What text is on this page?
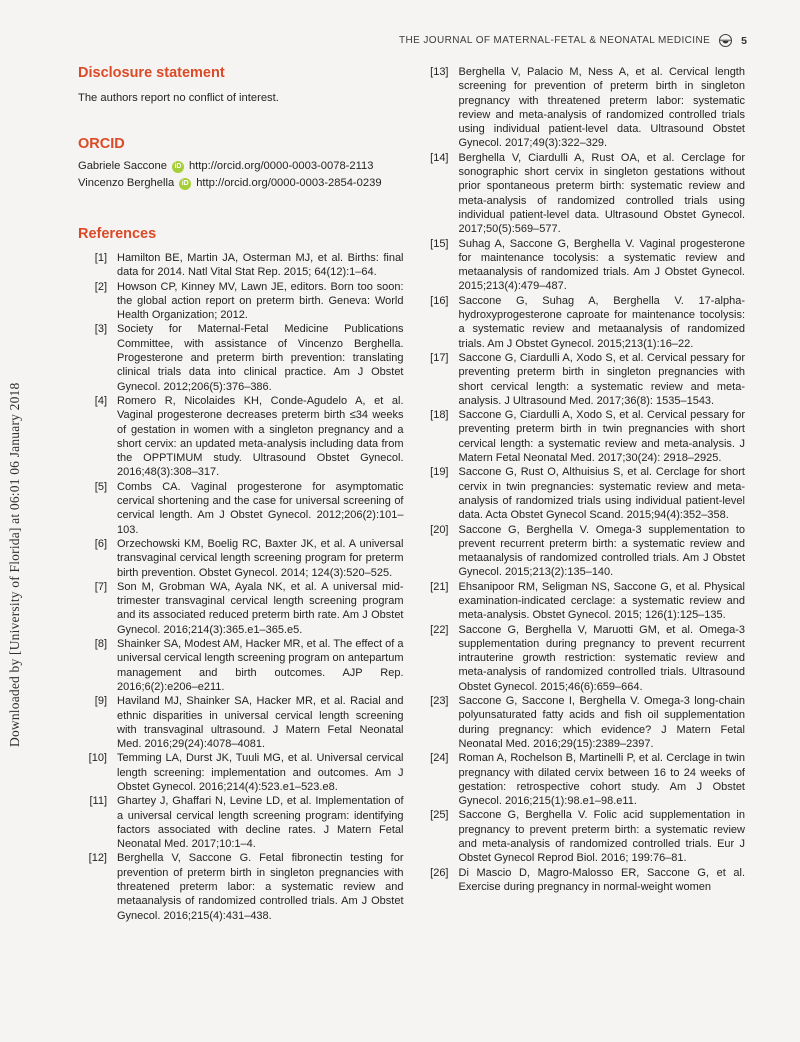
THE JOURNAL OF MATERNAL-FETAL & NEONATAL MEDICINE	5
Downloaded by [University of Florida] at 06:01 06 January 2018
Disclosure statement

The authors report no conflict of interest.

ORCID
Gabriele Saccone	iD http://orcid.org/0000-0003-0078-2113
Vincenzo Berghella	iD http://orcid.org/0000-0003-2854-0239
References
[1] Hamilton BE, Martin JA, Osterman MJ, et al. Births: final data for 2014. Natl Vital Stat Rep. 2015; 64(12):1–64.
[2] Howson CP, Kinney MV, Lawn JE, editors. Born too soon: the global action report on preterm birth. Geneva: World Health Organization; 2012.
[3] Society for Maternal-Fetal Medicine Publications Committee, with assistance of Vincenzo Berghella. Progesterone and preterm birth prevention: translating clinical trials data into clinical practice. Am J Obstet Gynecol. 2012;206(5):376–386.
[4] Romero R, Nicolaides KH, Conde-Agudelo A, et al. Vaginal progesterone decreases preterm birth ≤34 weeks of gestation in women with a singleton pregnancy and a short cervix: an updated meta-analysis including data from the OPPTIMUM study. Ultrasound Obstet Gynecol. 2016;48(3):308–317.
[5] Combs CA. Vaginal progesterone for asymptomatic cervical shortening and the case for universal screening of cervical length. Am J Obstet Gynecol. 2012;206(2):101–103.
[6] Orzechowski KM, Boelig RC, Baxter JK, et al. A universal transvaginal cervical length screening program for preterm birth prevention. Obstet Gynecol. 2014; 124(3):520–525.
[7] Son M, Grobman WA, Ayala NK, et al. A universal mid-trimester transvaginal cervical length screening program and its associated reduced preterm birth rate. Am J Obstet Gynecol. 2016;214(3):365.e1–365.e5.
[8] Shainker SA, Modest AM, Hacker MR, et al. The effect of a universal cervical length screening program on antepartum management and birth outcomes. AJP Rep. 2016;6(2):e206–e211.
[9] Haviland MJ, Shainker SA, Hacker MR, et al. Racial and ethnic disparities in universal cervical length screening with transvaginal ultrasound. J Matern Fetal Neonatal Med. 2016;29(24):4078–4081.
[10] Temming LA, Durst JK, Tuuli MG, et al. Universal cervical length screening: implementation and outcomes. Am J Obstet Gynecol. 2016;214(4):523.e1–523.e8.
[11] Ghartey J, Ghaffari N, Levine LD, et al. Implementation of a universal cervical length screening program: identifying factors associated with decline rates. J Matern Fetal Neonatal Med. 2017;10:1–4.
[12] Berghella V, Saccone G. Fetal fibronectin testing for prevention of preterm birth in singleton pregnancies with threatened preterm labor: a systematic review and metaanalysis of randomized controlled trials. Am J Obstet Gynecol. 2016;215(4):431–438.
[13] Berghella V, Palacio M, Ness A, et al. Cervical length screening for prevention of preterm birth in singleton pregnancy with threatened preterm labor: systematic review and meta-analysis of randomized controlled trials using individual patient-level data. Ultrasound Obstet Gynecol. 2017;49(3):322–329.
[14] Berghella V, Ciardulli A, Rust OA, et al. Cerclage for sonographic short cervix in singleton gestations without prior spontaneous preterm birth: systematic review and meta-analysis of randomized controlled trials using individual patient-level data. Ultrasound Obstet Gynecol. 2017;50(5):569–577.
[15] Suhag A, Saccone G, Berghella V. Vaginal progesterone for maintenance tocolysis: a systematic review and metaanalysis of randomized trials. Am J Obstet Gynecol. 2015;213(4):479–487.
[16] Saccone G, Suhag A, Berghella V. 17-alpha-hydroxyprogesterone caproate for maintenance tocolysis: a systematic review and metaanalysis of randomized trials. Am J Obstet Gynecol. 2015;213(1):16–22.
[17] Saccone G, Ciardulli A, Xodo S, et al. Cervical pessary for preventing preterm birth in singleton pregnancies with short cervical length: a systematic review and meta-analysis. J Ultrasound Med. 2017;36(8): 1535–1543.
[18] Saccone G, Ciardulli A, Xodo S, et al. Cervical pessary for preventing preterm birth in twin pregnancies with short cervical length: a systematic review and meta-analysis. J Matern Fetal Neonatal Med. 2017;30(24): 2918–2925.
[19] Saccone G, Rust O, Althuisius S, et al. Cerclage for short cervix in twin pregnancies: systematic review and meta-analysis of randomized trials using individual patient-level data. Acta Obstet Gynecol Scand. 2015;94(4):352–358.
[20] Saccone G, Berghella V. Omega-3 supplementation to prevent recurrent preterm birth: a systematic review and metaanalysis of randomized controlled trials. Am J Obstet Gynecol. 2015;213(2):135–140.
[21] Ehsanipoor RM, Seligman NS, Saccone G, et al. Physical examination-indicated cerclage: a systematic review and meta-analysis. Obstet Gynecol. 2015; 126(1):125–135.
[22] Saccone G, Berghella V, Maruotti GM, et al. Omega-3 supplementation during pregnancy to prevent recurrent intrauterine growth restriction: systematic review and meta-analysis of randomized controlled trials. Ultrasound Obstet Gynecol. 2015;46(6):659–664.
[23] Saccone G, Saccone I, Berghella V. Omega-3 long-chain polyunsaturated fatty acids and fish oil supplementation during pregnancy: which evidence? J Matern Fetal Neonatal Med. 2016;29(15):2389–2397.
[24] Roman A, Rochelson B, Martinelli P, et al. Cerclage in twin pregnancy with dilated cervix between 16 to 24 weeks of gestation: retrospective cohort study. Am J Obstet Gynecol. 2016;215(1):98.e1–98.e11.
[25] Saccone G, Berghella V. Folic acid supplementation in pregnancy to prevent preterm birth: a systematic review and meta-analysis of randomized controlled trials. Eur J Obstet Gynecol Reprod Biol. 2016; 199:76–81.
[26] Di Mascio D, Magro-Malosso ER, Saccone G, et al. Exercise during pregnancy in normal-weight women
